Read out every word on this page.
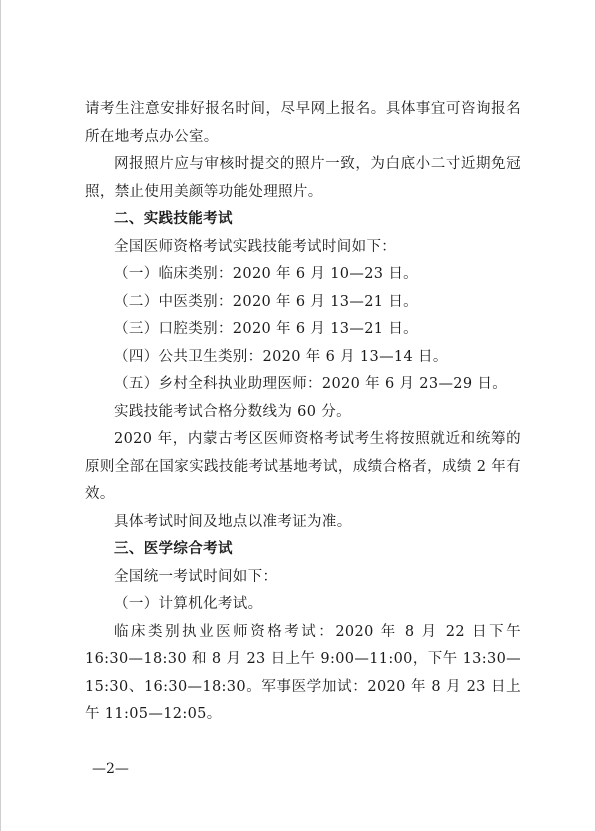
请考生注意安排好报名时间，尽早网上报名。具体事宜可咨询报名所在地考点办公室。

网报照片应与审核时提交的照片一致，为白底小二寸近期免冠照，禁止使用美颜等功能处理照片。

二、实践技能考试

全国医师资格考试实践技能考试时间如下：

（一）临床类别：2020 年 6 月 10—23 日。

（二）中医类别：2020 年 6 月 13—21 日。

（三）口腔类别：2020 年 6 月 13—21 日。

（四）公共卫生类别：2020 年 6 月 13—14 日。

（五）乡村全科执业助理医师：2020 年 6 月 23—29 日。

实践技能考试合格分数线为 60 分。

2020 年，内蒙古考区医师资格考试考生将按照就近和统筹的原则全部在国家实践技能考试基地考试，成绩合格者，成绩 2 年有效。

具体考试时间及地点以准考证为准。

三、医学综合考试

全国统一考试时间如下：

（一）计算机化考试。

临床类别执业医师资格考试：2020 年 8 月 22 日下午 16:30—18:30 和 8 月 23 日上午 9:00—11:00，下午 13:30—15:30、16:30—18:30。军事医学加试：2020 年 8 月 23 日上午 11:05—12:05。

—2—
